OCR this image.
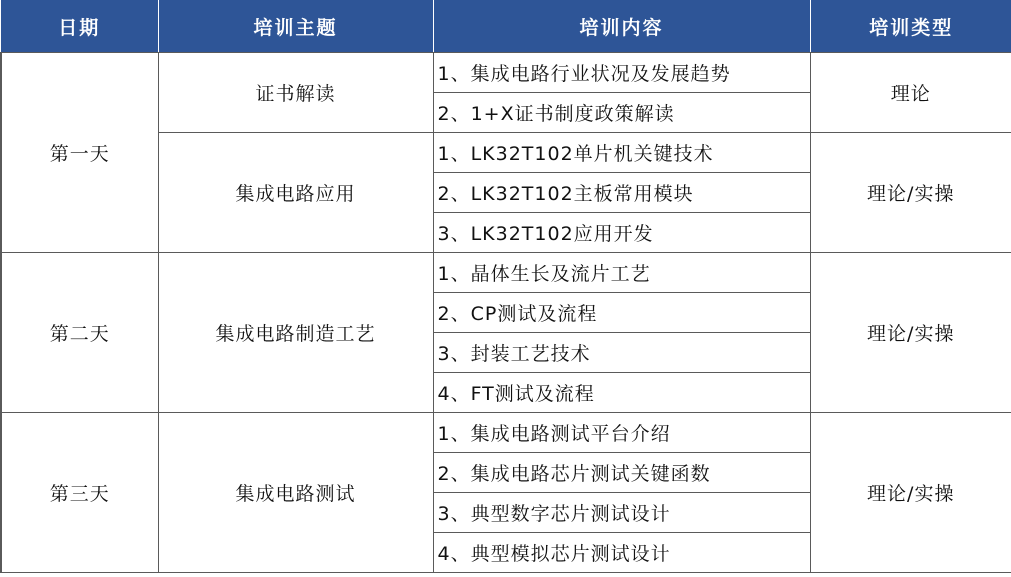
日期	培训主题	培训内容	培训类型
第一天	证书解读	1、集成电路行业状况及发展趋势	理论
		2、1+X证书制度政策解读	
	集成电路应用	1、LK32T102单片机关键技术	理论/实操
		2、LK32T102主板常用模块	
		3、LK32T102应用开发	
第二天	集成电路制造工艺	1、晶体生长及流片工艺	理论/实操
		2、CP测试及流程	
		3、封装工艺技术	
		4、FT测试及流程	
第三天	集成电路测试	1、集成电路测试平台介绍	理论/实操
		2、集成电路芯片测试关键函数	
		3、典型数字芯片测试设计	
		4、典型模拟芯片测试设计	
